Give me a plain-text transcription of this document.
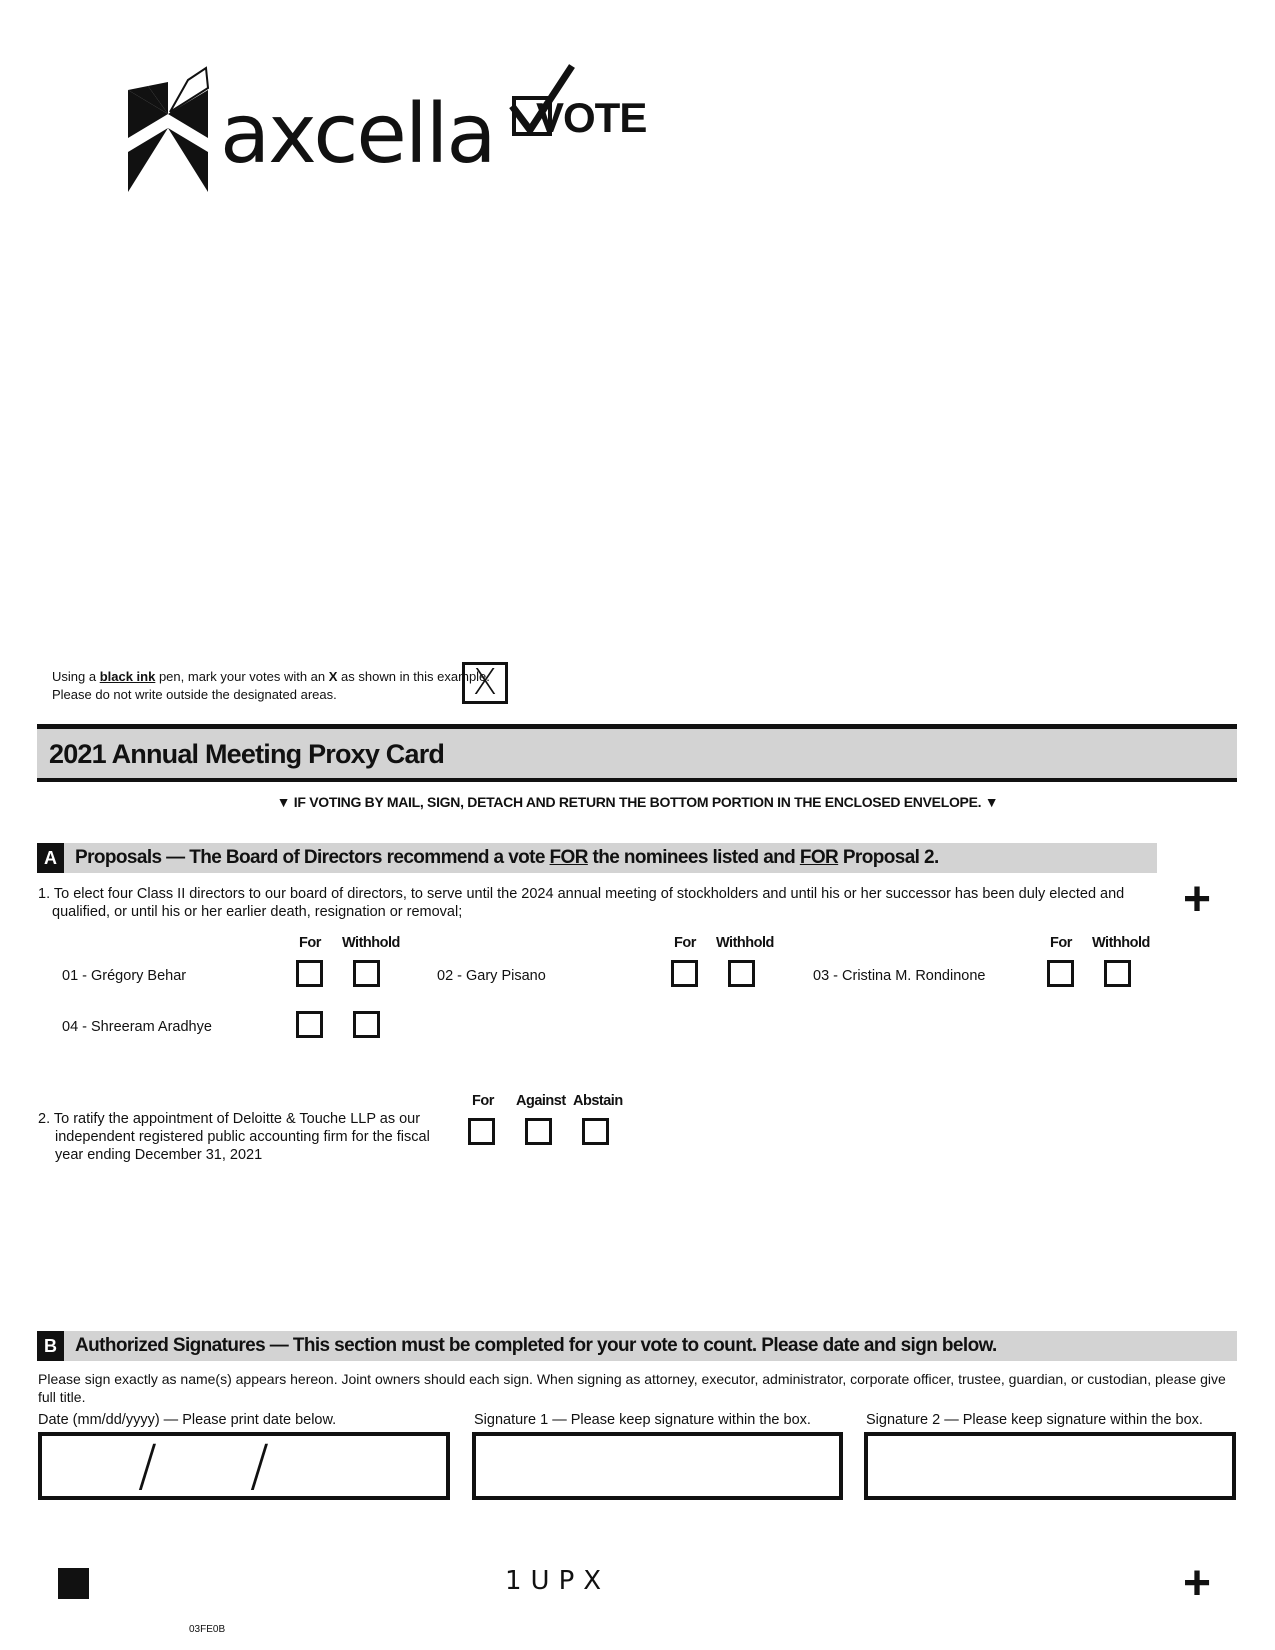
axcella VOTE
Using a black ink pen, mark your votes with an X as shown in this example.
Please do not write outside the designated areas.	X
2021 Annual Meeting Proxy Card
▼ IF VOTING BY MAIL, SIGN, DETACH AND RETURN THE BOTTOM PORTION IN THE ENCLOSED ENVELOPE. ▼
A Proposals — The Board of Directors recommend a vote FOR the nominees listed and FOR Proposal 2.
+
1. To elect four Class II directors to our board of directors, to serve until the 2024 annual meeting of stockholders and until his or her successor has been duly elected and
qualified, or until his or her earlier death, resignation or removal;
For Withhold	For Withhold	For Withhold
01 - Grégory Behar	02 - Gary Pisano	03 - Cristina M. Rondinone
04 - Shreeram Aradhye
2. To ratify the appointment of Deloitte & Touche LLP as our
independent registered public accounting firm for the fiscal
year ending December 31, 2021
For Against Abstain
B Authorized Signatures — This section must be completed for your vote to count. Please date and sign below.
Please sign exactly as name(s) appears hereon. Joint owners should each sign. When signing as attorney, executor, administrator, corporate officer, trustee, guardian, or custodian, please give full title.
Date (mm/dd/yyyy) — Please print date below.	Signature 1 — Please keep signature within the box.	Signature 2 — Please keep signature within the box.
/ /
1UPX	+
03FE0B
